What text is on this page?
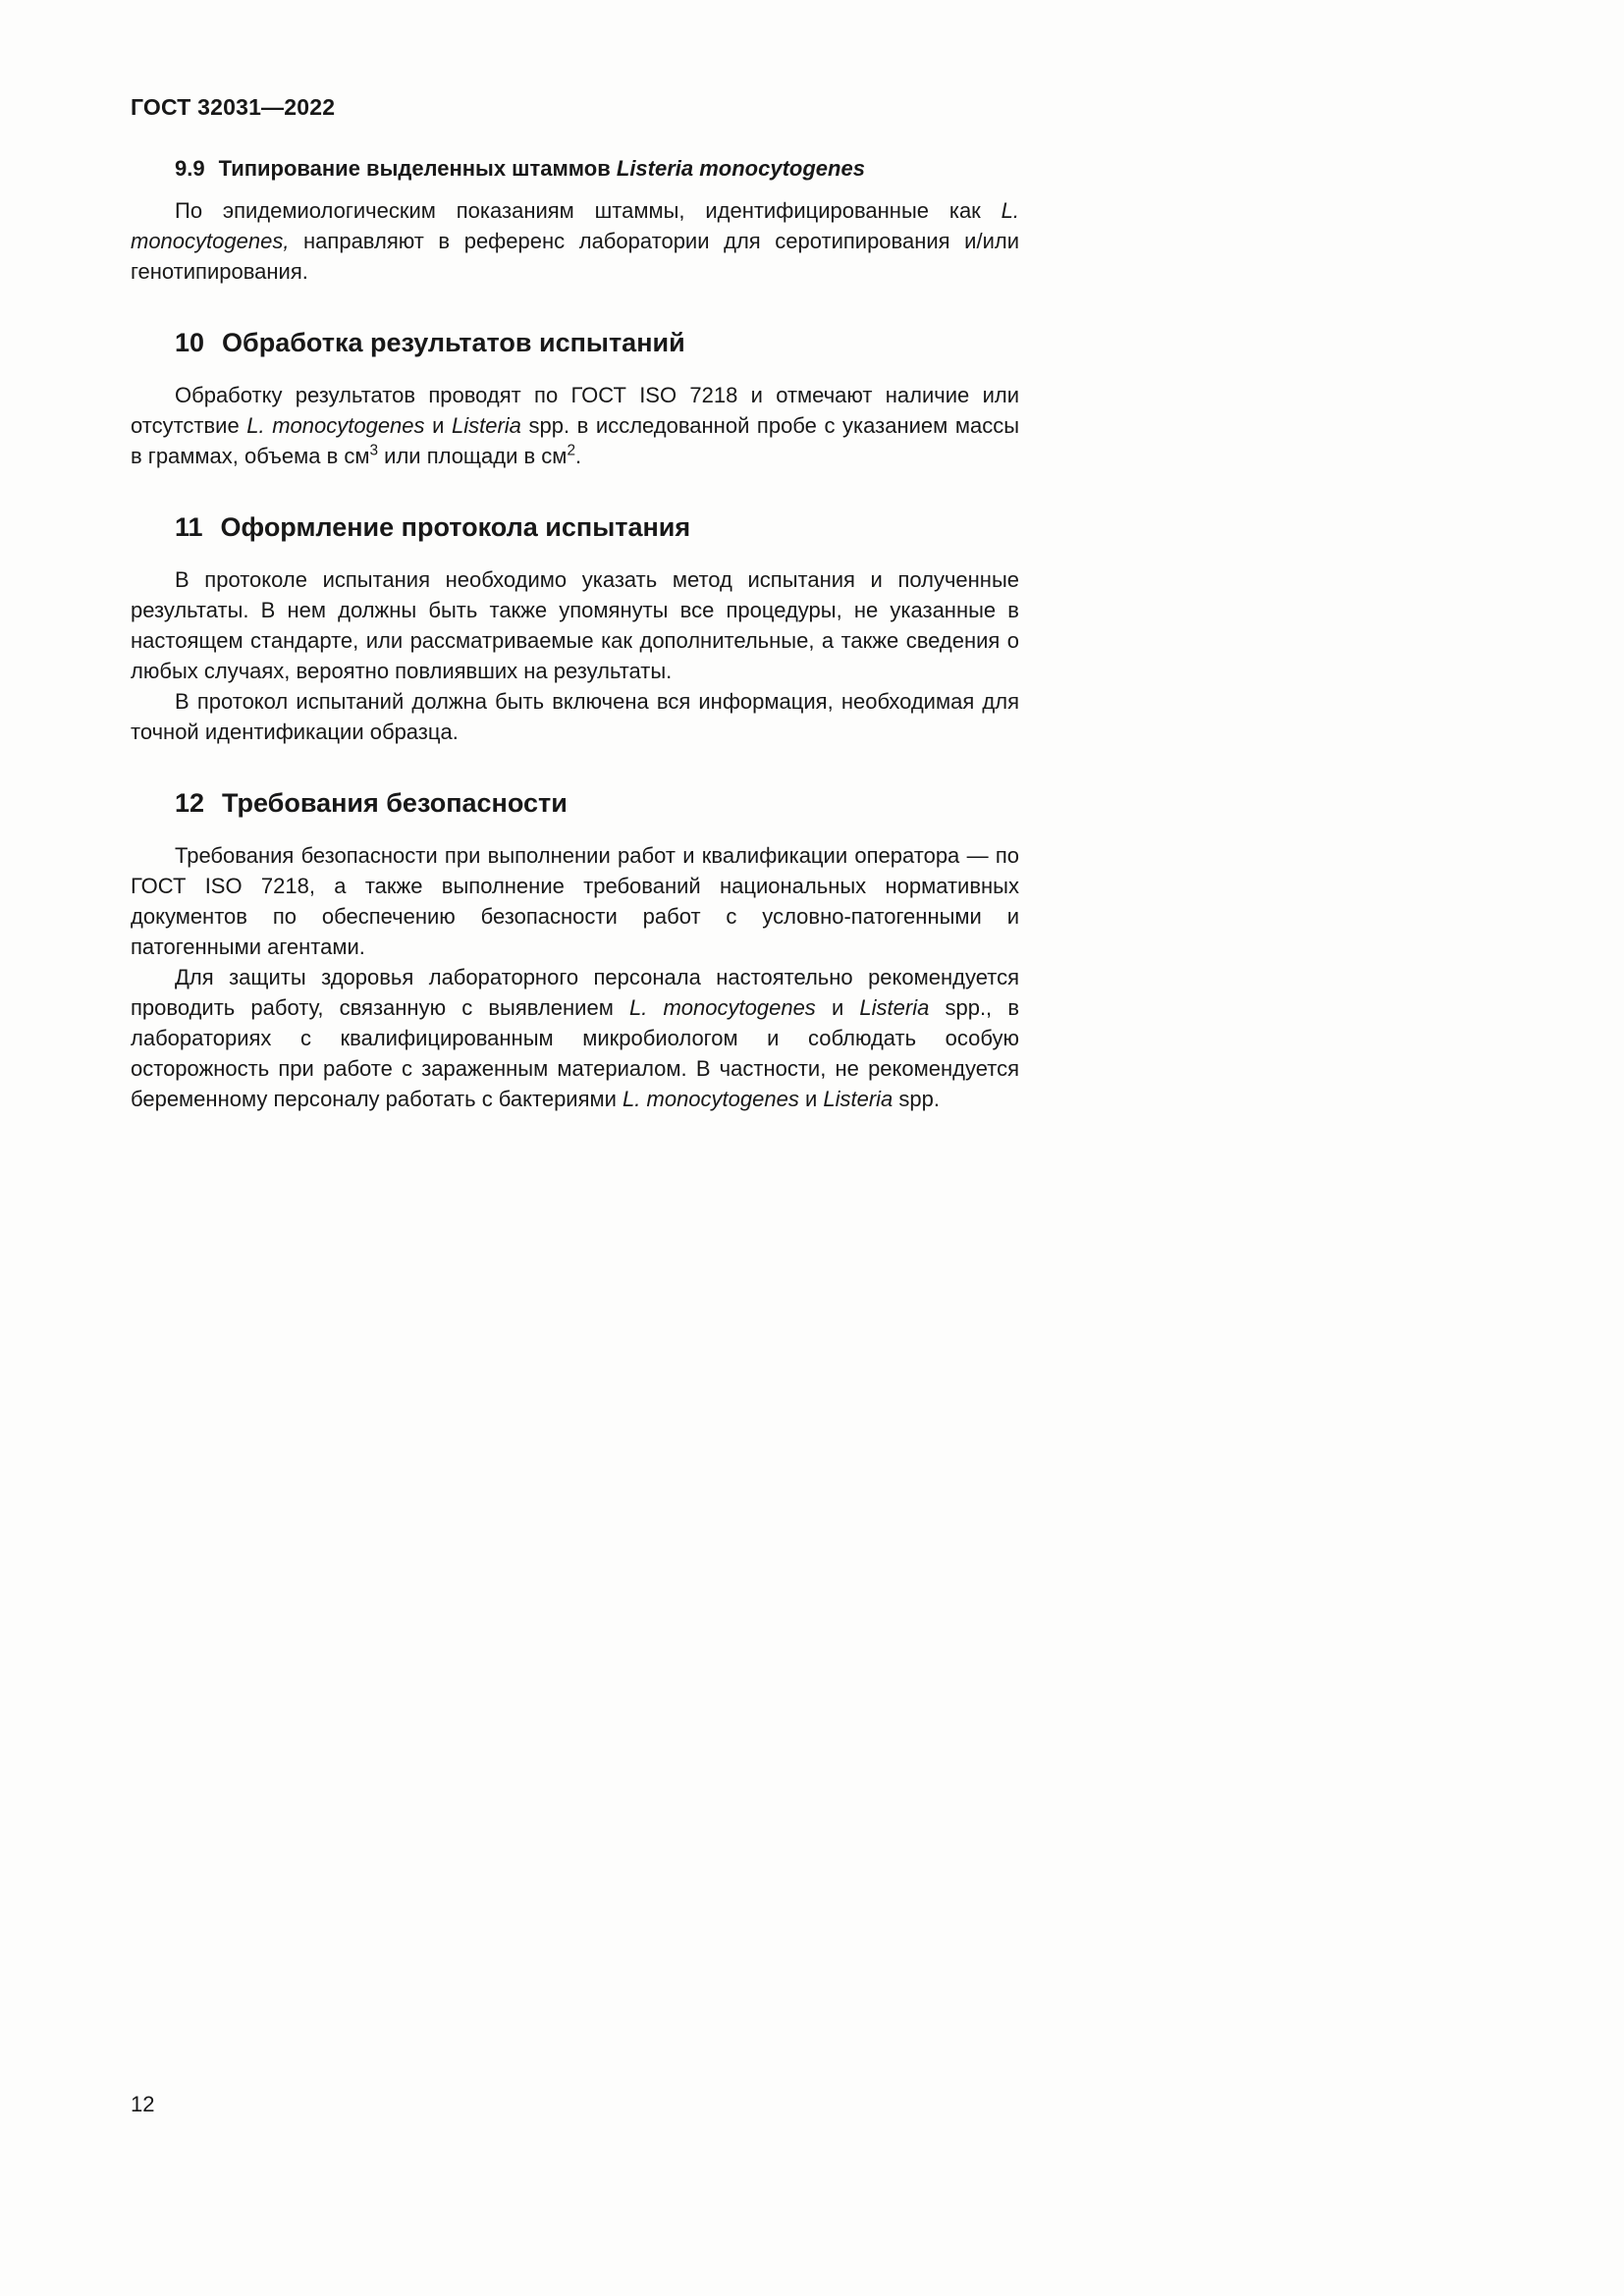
ГОСТ 32031—2022
9.9 Типирование выделенных штаммов Listeria monocytogenes

По эпидемиологическим показаниям штаммы, идентифицированные как L. monocytogenes, направляют в референс лаборатории для серотипирования и/или генотипирования.

10 Обработка результатов испытаний

Обработку результатов проводят по ГОСТ ISO 7218 и отмечают наличие или отсутствие L. monocytogenes и Listeria spp. в исследованной пробе с указанием массы в граммах, объема в $см^3$ или площади в $см^2$.

11 Оформление протокола испытания

В протоколе испытания необходимо указать метод испытания и полученные результаты. В нем должны быть также упомянуты все процедуры, не указанные в настоящем стандарте, или рассматриваемые как дополнительные, а также сведения о любых случаях, вероятно повлиявших на результаты.

В протокол испытаний должна быть включена вся информация, необходимая для точной идентификации образца.

12 Требования безопасности

Требования безопасности при выполнении работ и квалификации оператора — по ГОСТ ISO 7218, а также выполнение требований национальных нормативных документов по обеспечению безопасности работ с условно-патогенными и патогенными агентами.

Для защиты здоровья лабораторного персонала настоятельно рекомендуется проводить работу, связанную с выявлением L. monocytogenes и Listeria spp., в лабораториях с квалифицированным микробиологом и соблюдать особую осторожность при работе с зараженным материалом. В частности, не рекомендуется беременному персоналу работать с бактериями L. monocytogenes и Listeria spp.

12
